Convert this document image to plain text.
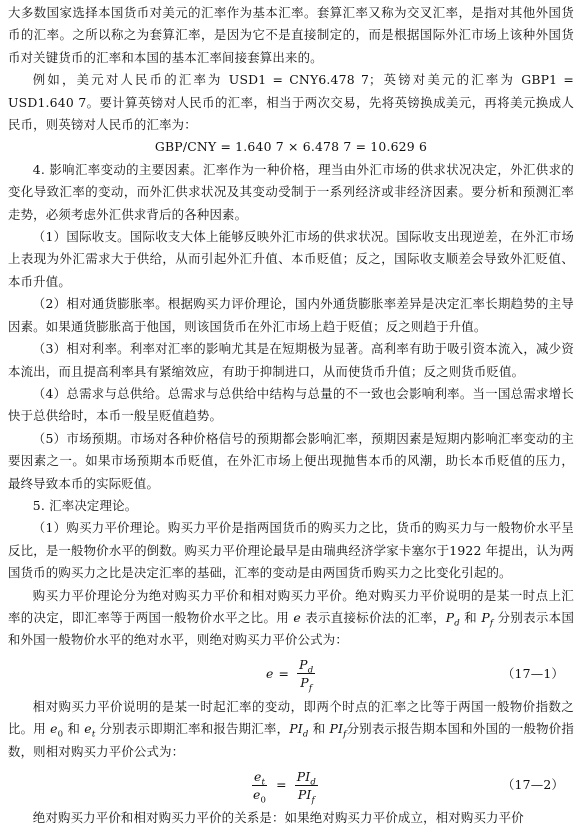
大多数国家选择本国货币对美元的汇率作为基本汇率。套算汇率又称为交叉汇率，是指对其他外国货币的汇率。之所以称之为套算汇率，是因为它不是直接制定的，而是根据国际外汇市场上该种外国货币对关键货币的汇率和本国的基本汇率间接套算出来的。

例如，美元对人民币的汇率为 USD1 = CNY6.478 7；英镑对美元的汇率为 GBP1 = USD1.640 7。要计算英镑对人民币的汇率，相当于两次交易，先将英镑换成美元，再将美元换成人民币，则英镑对人民币的汇率为：

GBP/CNY = 1.640 7 × 6.478 7 = 10.629 6

4. 影响汇率变动的主要因素。汇率作为一种价格，理当由外汇市场的供求状况决定，外汇供求的变化导致汇率的变动，而外汇供求状况及其变动受制于一系列经济或非经济因素。要分析和预测汇率走势，必须考虑外汇供求背后的各种因素。

（1）国际收支。国际收支大体上能够反映外汇市场的供求状况。国际收支出现逆差，在外汇市场上表现为外汇需求大于供给，从而引起外汇升值、本币贬值；反之，国际收支顺差会导致外汇贬值、本币升值。

（2）相对通货膨胀率。根据购买力评价理论，国内外通货膨胀率差异是决定汇率长期趋势的主导因素。如果通货膨胀高于他国，则该国货币在外汇市场上趋于贬值；反之则趋于升值。

（3）相对利率。利率对汇率的影响尤其是在短期极为显著。高利率有助于吸引资本流入，减少资本流出，而且提高利率具有紧缩效应，有助于抑制进口，从而使货币升值；反之则货币贬值。

（4）总需求与总供给。总需求与总供给中结构与总量的不一致也会影响利率。当一国总需求增长快于总供给时，本币一般呈贬值趋势。

（5）市场预期。市场对各种价格信号的预期都会影响汇率，预期因素是短期内影响汇率变动的主要因素之一。如果市场预期本币贬值，在外汇市场上便出现抛售本币的风潮，助长本币贬值的压力，最终导致本币的实际贬值。

5. 汇率决定理论。

（1）购买力平价理论。购买力平价是指两国货币的购买力之比，货币的购买力与一般物价水平呈反比，是一般物价水平的倒数。购买力平价理论最早是由瑞典经济学家卡塞尔于1922 年提出，认为两国货币的购买力之比是决定汇率的基础，汇率的变动是由两国货币购买力之比变化引起的。

购买力平价理论分为绝对购买力平价和相对购买力平价。绝对购买力平价说明的是某一时点上汇率的决定，即汇率等于两国一般物价水平之比。用 e 表示直接标价法的汇率，$P_d$ 和 $P_f$ 分别表示本国和外国一般物价水平的绝对水平，则绝对购买力平价公式为：

$e = \frac{P_d}{P_f}$	（17—1）

相对购买力平价说明的是某一时起汇率的变动，即两个时点的汇率之比等于两国一般物价指数之比。用 $e_0$ 和 $e_t$ 分别表示即期汇率和报告期汇率，$PI_d$ 和 $PI_f$分别表示报告期本国和外国的一般物价指数，则相对购买力平价公式为：

$\frac{e_t}{e_0} = \frac{PI_d}{PI_f}$	（17—2）

绝对购买力平价和相对购买力平价的关系是：如果绝对购买力平价成立，相对购买力平价
